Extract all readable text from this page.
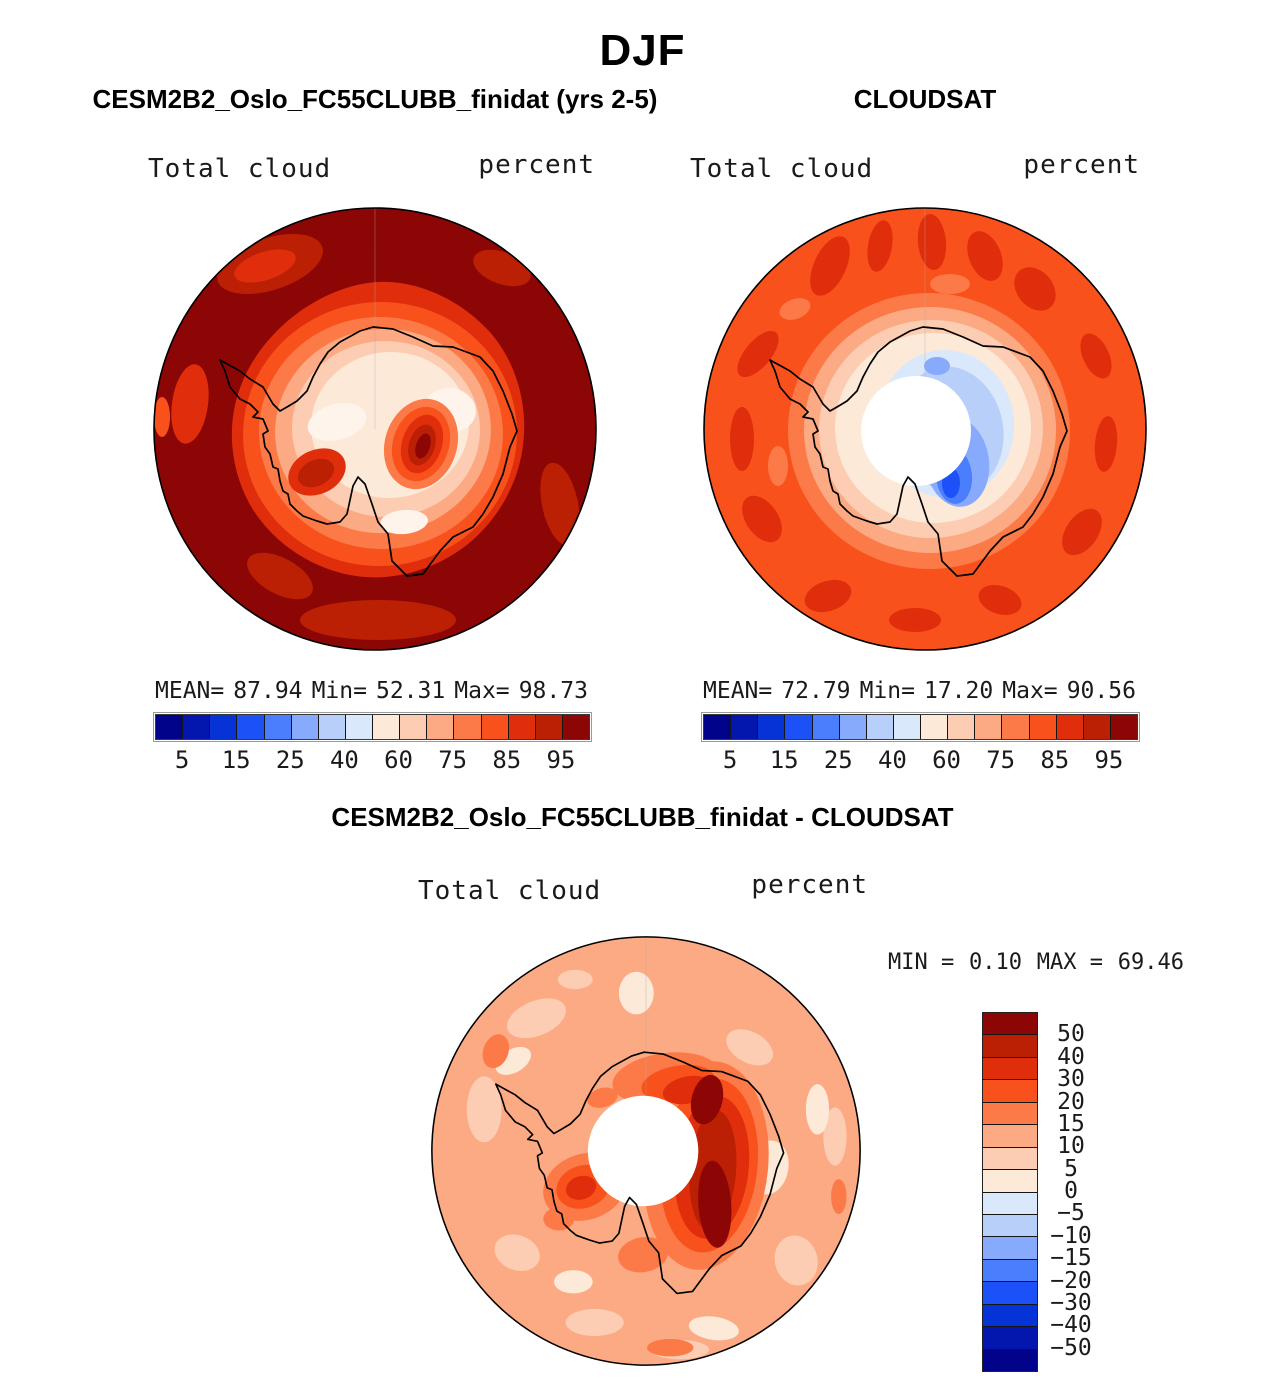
DJF
CESM2B2_Oslo_FC55CLUBB_finidat (yrs 2-5)	CLOUDSAT
Total cloud	percent	Total cloud	percent
MEAN= 87.94 Min= 52.31 Max= 98.73	MEAN= 72.79 Min= 17.20 Max= 90.56
5 15 25 40 60 75 85 95	5 15 25 40 60 75 85 95
CESM2B2_Oslo_FC55CLUBB_finidat - CLOUDSAT
Total cloud	percent
MIN = 0.10 MAX = 69.46
50
40
30
20
15
10
5
0
−5
−10
−15
−20
−30
−40
−50
